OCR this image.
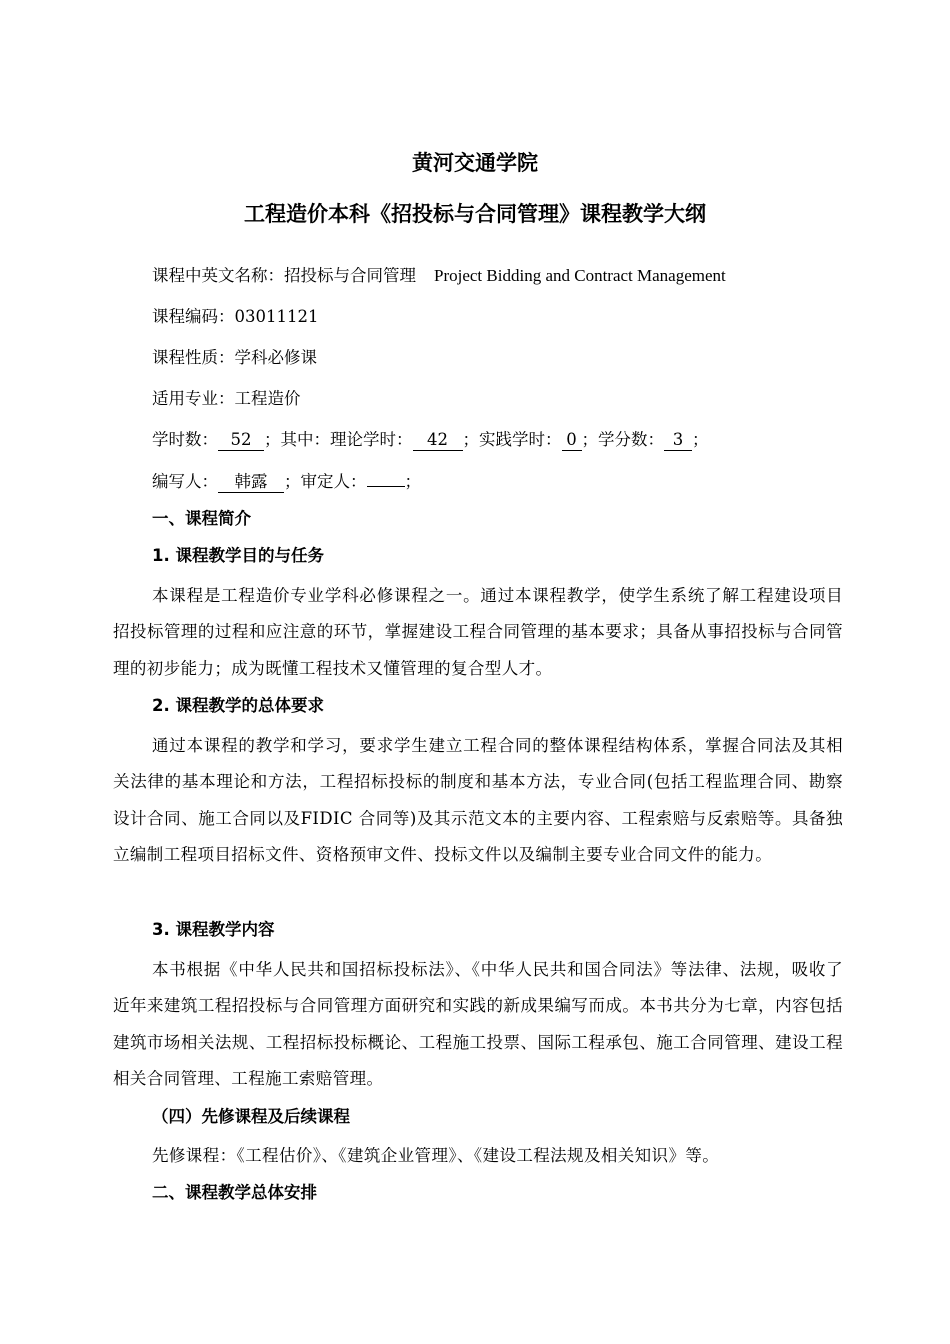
黄河交通学院
工程造价本科《招投标与合同管理》课程教学大纲
课程中英文名称：招投标与合同管理 Project Bidding and Contract Management
课程编码：03011121
课程性质：学科必修课
适用专业：工程造价
学时数： 52 ；其中：理论学时： 42 ；实践学时： 0 ；学分数： 3 ；
编写人： 韩露 ；审定人： ；
一、课程简介
1. 课程教学目的与任务
本课程是工程造价专业学科必修课程之一。通过本课程教学，使学生系统了解工程建设项目招投标管理的过程和应注意的环节，掌握建设工程合同管理的基本要求；具备从事招投标与合同管理的初步能力；成为既懂工程技术又懂管理的复合型人才。
2. 课程教学的总体要求
通过本课程的教学和学习，要求学生建立工程合同的整体课程结构体系，掌握合同法及其相关法律的基本理论和方法，工程招标投标的制度和基本方法，专业合同(包括工程监理合同、勘察设计合同、施工合同以及FIDIC 合同等)及其示范文本的主要内容、工程索赔与反索赔等。具备独立编制工程项目招标文件、资格预审文件、投标文件以及编制主要专业合同文件的能力。
3. 课程教学内容
本书根据《中华人民共和国招标投标法》、《中华人民共和国合同法》等法律、法规，吸收了近年来建筑工程招投标与合同管理方面研究和实践的新成果编写而成。本书共分为七章，内容包括建筑市场相关法规、工程招标投标概论、工程施工投票、国际工程承包、施工合同管理、建设工程相关合同管理、工程施工索赔管理。
（四）先修课程及后续课程
先修课程：《工程估价》、《建筑企业管理》、《建设工程法规及相关知识》等。
二、课程教学总体安排
